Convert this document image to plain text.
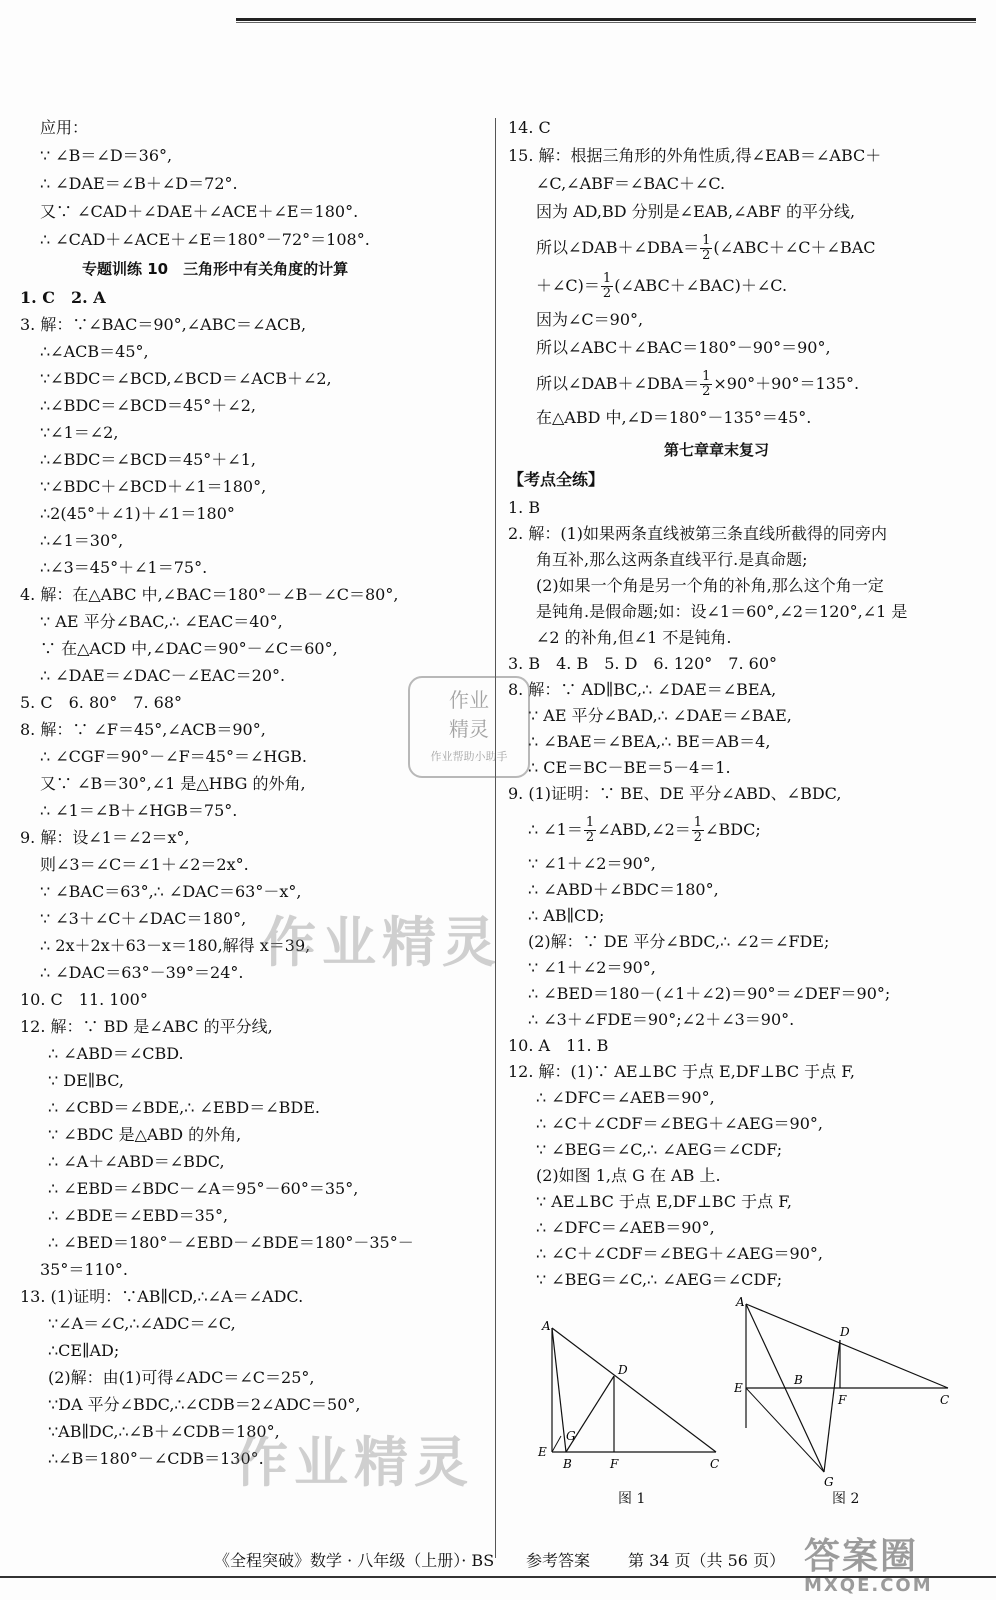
应用：
∵ ∠B＝∠D＝36°,
∴ ∠DAE＝∠B＋∠D＝72°.
又∵ ∠CAD＋∠DAE＋∠ACE＋∠E＝180°.
∴ ∠CAD＋∠ACE＋∠E＝180°－72°＝108°.
专题训练 10　三角形中有关角度的计算
1. C　2. A
3. 解：∵∠BAC＝90°,∠ABC＝∠ACB,
∴∠ACB＝45°,
∵∠BDC＝∠BCD,∠BCD＝∠ACB＋∠2,
∴∠BDC＝∠BCD＝45°＋∠2,
∵∠1＝∠2,
∴∠BDC＝∠BCD＝45°＋∠1,
∵∠BDC＋∠BCD＋∠1＝180°,
∴2(45°＋∠1)＋∠1＝180°
∴∠1＝30°,
∴∠3＝45°＋∠1＝75°.
4. 解：在△ABC 中,∠BAC＝180°－∠B－∠C＝80°,
∵ AE 平分∠BAC,∴ ∠EAC＝40°,
∵ 在△ACD 中,∠DAC＝90°－∠C＝60°,
∴ ∠DAE＝∠DAC－∠EAC＝20°.
5. C　6. 80°　7. 68°
8. 解：∵ ∠F＝45°,∠ACB＝90°,
∴ ∠CGF＝90°－∠F＝45°＝∠HGB.
又∵ ∠B＝30°,∠1 是△HBG 的外角,
∴ ∠1＝∠B＋∠HGB＝75°.
9. 解：设∠1＝∠2＝x°,
则∠3＝∠C＝∠1＋∠2＝2x°.
∵ ∠BAC＝63°,∴ ∠DAC＝63°－x°,
∵ ∠3＋∠C＋∠DAC＝180°,
∴ 2x＋2x＋63－x＝180,解得 x＝39,
∴ ∠DAC＝63°－39°＝24°.
10. C　11. 100°
12. 解：∵ BD 是∠ABC 的平分线,
∴ ∠ABD＝∠CBD.
∵ DE∥BC,
∴ ∠CBD＝∠BDE,∴ ∠EBD＝∠BDE.
∵ ∠BDC 是△ABD 的外角,
∴ ∠A＋∠ABD＝∠BDC,
∴ ∠EBD＝∠BDC－∠A＝95°－60°＝35°,
∴ ∠BDE＝∠EBD＝35°,
∴ ∠BED＝180°－∠EBD－∠BDE＝180°－35°－
35°＝110°.
13. (1)证明：∵AB∥CD,∴∠A＝∠ADC.
∵∠A＝∠C,∴∠ADC＝∠C,
∴CE∥AD;
(2)解：由(1)可得∠ADC＝∠C＝25°,
∵DA 平分∠BDC,∴∠CDB＝2∠ADC＝50°,
∵AB∥DC,∴∠B＋∠CDB＝180°,
∴∠B＝180°－∠CDB＝130°.
14. C
15. 解：根据三角形的外角性质,得∠EAB＝∠ABC＋
∠C,∠ABF＝∠BAC＋∠C.
因为 AD,BD 分别是∠EAB,∠ABF 的平分线,
所以∠DAB＋∠DBA＝ $\frac{1}{2}$ (∠ABC＋∠C＋∠BAC
＋∠C)＝ $\frac{1}{2}$ (∠ABC＋∠BAC)＋∠C.
因为∠C＝90°,
所以∠ABC＋∠BAC＝180°－90°＝90°,
所以∠DAB＋∠DBA＝ $\frac{1}{2} \times 90^\circ+90^\circ=135^\circ$.
在△ABD 中,∠D＝180°－135°＝45°.
第七章章末复习
【考点全练】
1. B
2. 解：(1)如果两条直线被第三条直线所截得的同旁内
角互补,那么这两条直线平行.是真命题;
(2)如果一个角是另一个角的补角,那么这个角一定
是钝角.是假命题;如：设∠1＝60°,∠2＝120°,∠1 是
∠2 的补角,但∠1 不是钝角.
3. B　4. B　5. D　6. 120°　7. 60°
8. 解：∵ AD∥BC,∴ ∠DAE＝∠BEA,
∵ AE 平分∠BAD,∴ ∠DAE＝∠BAE,
∴ ∠BAE＝∠BEA,∴ BE＝AB＝4,
∴ CE＝BC－BE＝5－4＝1.
9. (1)证明：∵ BE、DE 平分∠ABD、∠BDC,
∴ ∠1＝ $\frac{1}{2}$ ∠ABD,∠2＝ $\frac{1}{2}$ ∠BDC;
∵ ∠1＋∠2＝90°,
∴ ∠ABD＋∠BDC＝180°,
∴ AB∥CD;
(2)解：∵ DE 平分∠BDC,∴ ∠2＝∠FDE;
∵ ∠1＋∠2＝90°,
∴ ∠BED＝180－(∠1＋∠2)＝90°＝∠DEF＝90°;
∴ ∠3＋∠FDE＝90°;∠2＋∠3＝90°.
10. A　11. B
12. 解：(1)∵ AE⊥BC 于点 E,DF⊥BC 于点 F,
∴ ∠DFC＝∠AEB＝90°,
∴ ∠C＋∠CDF＝∠BEG＋∠AEG＝90°,
∵ ∠BEG＝∠C,∴ ∠AEG＝∠CDF;
(2)如图 1,点 G 在 AB 上.
∵ AE⊥BC 于点 E,DF⊥BC 于点 F,
∴ ∠DFC＝∠AEB＝90°,
∴ ∠C＋∠CDF＝∠BEG＋∠AEG＝90°,
∵ ∠BEG＝∠C,∴ ∠AEG＝∠CDF;
A
D
G
E
B	F	C
图 1
A
D
E
B
F	C
G
图 2
作业精灵
作业精灵
作业
精灵
作业帮助小助手
《全程突破》数学 · 八年级（上册）· BS 参考答案 第 34 页（共 56 页） 答案圈
MXQE.COM
